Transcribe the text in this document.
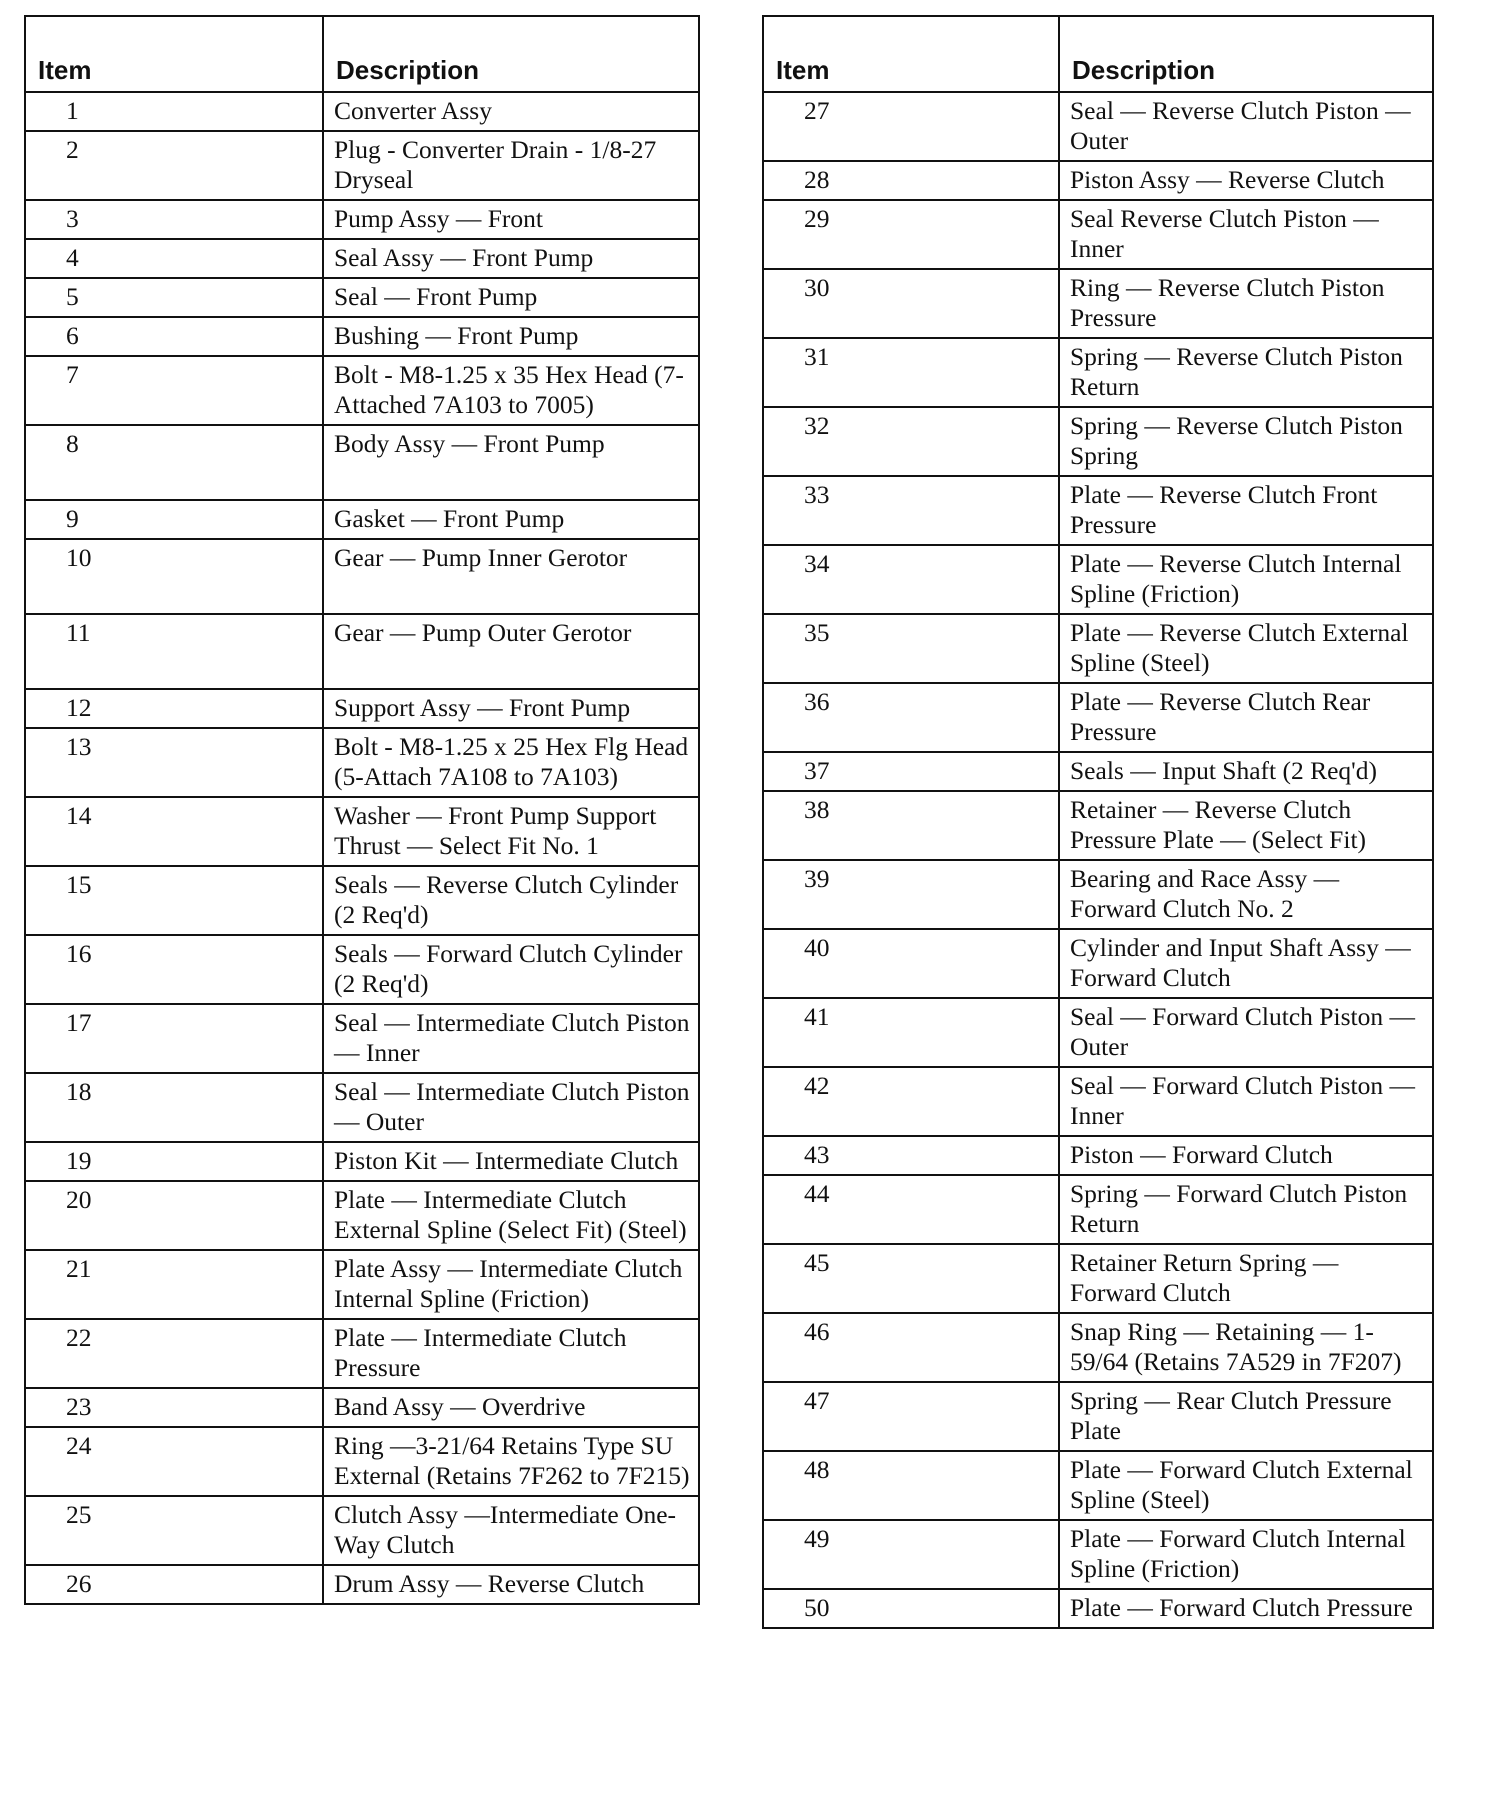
Item	Description
1	Converter Assy
2	Plug - Converter Drain - 1/8-27 Dryseal
3	Pump Assy — Front
4	Seal Assy — Front Pump
5	Seal — Front Pump
6	Bushing — Front Pump
7	Bolt - M8-1.25 x 35 Hex Head (7-Attached 7A103 to 7005)
8	Body Assy — Front Pump
9	Gasket — Front Pump
10	Gear — Pump Inner Gerotor
11	Gear — Pump Outer Gerotor
12	Support Assy — Front Pump
13	Bolt - M8-1.25 x 25 Hex Flg Head (5-Attach 7A108 to 7A103)
14	Washer — Front Pump Support Thrust — Select Fit No. 1
15	Seals — Reverse Clutch Cylinder (2 Req'd)
16	Seals — Forward Clutch Cylinder (2 Req'd)
17	Seal — Intermediate Clutch Piston — Inner
18	Seal — Intermediate Clutch Piston — Outer
19	Piston Kit — Intermediate Clutch
20	Plate — Intermediate Clutch External Spline (Select Fit) (Steel)
21	Plate Assy — Intermediate Clutch Internal Spline (Friction)
22	Plate — Intermediate Clutch Pressure
23	Band Assy — Overdrive
24	Ring —3-21/64 Retains Type SU External (Retains 7F262 to 7F215)
25	Clutch Assy —Intermediate One-Way Clutch
26	Drum Assy — Reverse Clutch
Item	Description
27	Seal — Reverse Clutch Piston — Outer
28	Piston Assy — Reverse Clutch
29	Seal Reverse Clutch Piston — Inner
30	Ring — Reverse Clutch Piston Pressure
31	Spring — Reverse Clutch Piston Return
32	Spring — Reverse Clutch Piston Spring
33	Plate — Reverse Clutch Front Pressure
34	Plate — Reverse Clutch Internal Spline (Friction)
35	Plate — Reverse Clutch External Spline (Steel)
36	Plate — Reverse Clutch Rear Pressure
37	Seals — Input Shaft (2 Req'd)
38	Retainer — Reverse Clutch Pressure Plate — (Select Fit)
39	Bearing and Race Assy — Forward Clutch No. 2
40	Cylinder and Input Shaft Assy — Forward Clutch
41	Seal — Forward Clutch Piston — Outer
42	Seal — Forward Clutch Piston — Inner
43	Piston — Forward Clutch
44	Spring — Forward Clutch Piston Return
45	Retainer Return Spring — Forward Clutch
46	Snap Ring — Retaining — 1-59/64 (Retains 7A529 in 7F207)
47	Spring — Rear Clutch Pressure Plate
48	Plate — Forward Clutch External Spline (Steel)
49	Plate — Forward Clutch Internal Spline (Friction)
50	Plate — Forward Clutch Pressure
